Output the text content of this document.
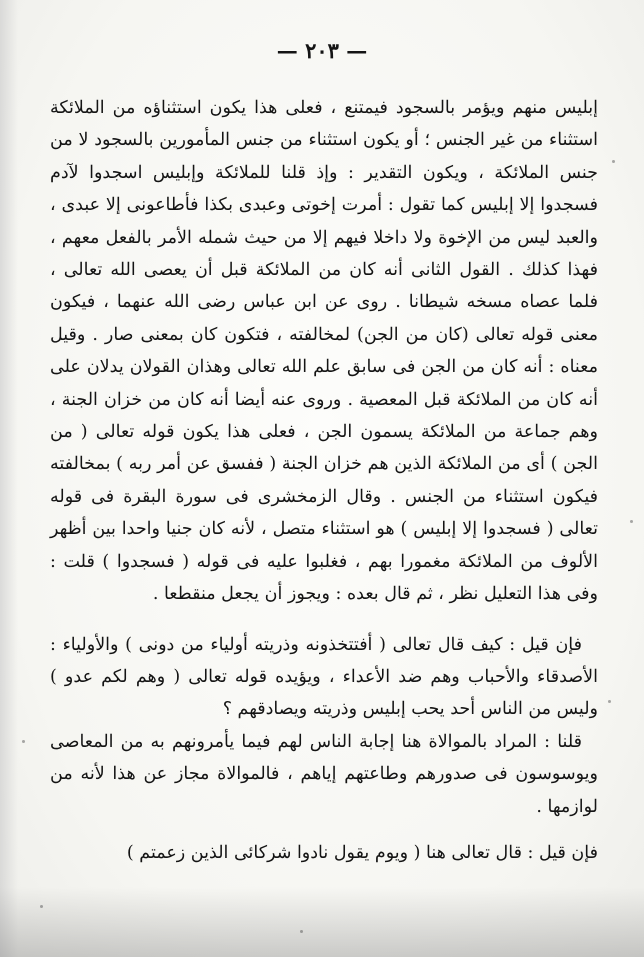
— ٢٠٣ —

إبليس منهم ويؤمر بالسجود فيمتنع ، فعلى هذا يكون استثناؤه من الملائكة استثناء من غير الجنس ؛ أو يكون استثناء من جنس المأمورين بالسجود لا من جنس الملائكة ، ويكون التقدير : وإذ قلنا للملائكة وإبليس اسجدوا لآدم فسجدوا إلا إبليس كما تقول : أمرت إخوتى وعبدى بكذا فأطاعونى إلا عبدى ، والعبد ليس من الإخوة ولا داخلا فيهم إلا من حيث شمله الأمر بالفعل معهم ، فهذا كذلك . القول الثانى أنه كان من الملائكة قبل أن يعصى الله تعالى ، فلما عصاه مسخه شيطانا . روى عن ابن عباس رضى الله عنهما ، فيكون معنى قوله تعالى (كان من الجن) لمخالفته ، فتكون كان بمعنى صار . وقيل معناه : أنه كان من الجن فى سابق علم الله تعالى وهذان القولان يدلان على أنه كان من الملائكة قبل المعصية . وروى عنه أيضا أنه كان من خزان الجنة ، وهم جماعة من الملائكة يسمون الجن ، فعلى هذا يكون قوله تعالى ( من الجن ) أى من الملائكة الذين هم خزان الجنة ( ففسق عن أمر ربه ) بمخالفته فيكون استثناء من الجنس . وقال الزمخشرى فى سورة البقرة فى قوله تعالى ( فسجدوا إلا إبليس ) هو استثناء متصل ، لأنه كان جنيا واحدا بين أظهر الألوف من الملائكة مغمورا بهم ، فغلبوا عليه فى قوله ( فسجدوا ) قلت : وفى هذا التعليل نظر ، ثم قال بعده : ويجوز أن يجعل منقطعا .

فإن قيل : كيف قال تعالى ( أفتتخذونه وذريته أولياء من دونى ) والأولياء : الأصدقاء والأحباب وهم ضد الأعداء ، ويؤيده قوله تعالى ( وهم لكم عدو ) وليس من الناس أحد يحب إبليس وذريته ويصادقهم ؟

قلنا : المراد بالموالاة هنا إجابة الناس لهم فيما يأمرونهم به من المعاصى ويوسوسون فى صدورهم وطاعتهم إياهم ، فالموالاة مجاز عن هذا لأنه من لوازمها .

فإن قيل : قال تعالى هنا ( ويوم يقول نادوا شركائى الذين زعمتم )
